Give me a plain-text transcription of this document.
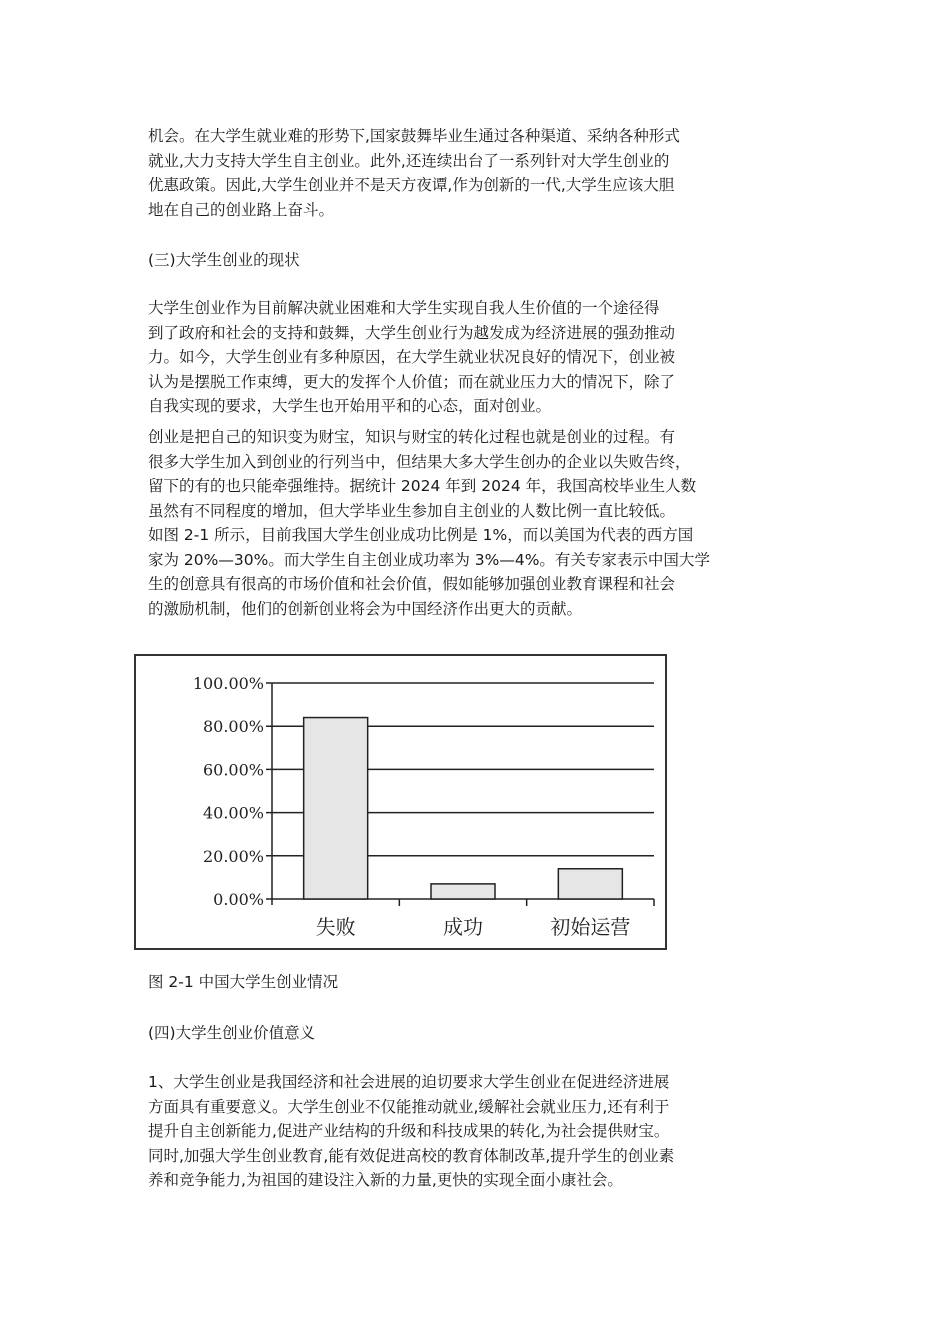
机会。在大学生就业难的形势下,国家鼓舞毕业生通过各种渠道、采纳各种形式
就业,大力支持大学生自主创业。此外,还连续出台了一系列针对大学生创业的
优惠政策。因此,大学生创业并不是天方夜谭,作为创新的一代,大学生应该大胆
地在自己的创业路上奋斗。
(三)大学生创业的现状
大学生创业作为目前解决就业困难和大学生实现自我人生价值的一个途径得
到了政府和社会的支持和鼓舞，大学生创业行为越发成为经济进展的强劲推动
力。如今，大学生创业有多种原因，在大学生就业状况良好的情况下，创业被
认为是摆脱工作束缚，更大的发挥个人价值；而在就业压力大的情况下，除了
自我实现的要求，大学生也开始用平和的心态，面对创业。
创业是把自己的知识变为财宝，知识与财宝的转化过程也就是创业的过程。有
很多大学生加入到创业的行列当中，但结果大多大学生创办的企业以失败告终，
留下的有的也只能牵强维持。据统计 2024 年到 2024 年，我国高校毕业生人数
虽然有不同程度的增加，但大学毕业生参加自主创业的人数比例一直比较低。
如图 2-1 所示，目前我国大学生创业成功比例是 1%，而以美国为代表的西方国
家为 20%—30%。而大学生自主创业成功率为 3%—4%。有关专家表示中国大学
生的创意具有很高的市场价值和社会价值，假如能够加强创业教育课程和社会
的激励机制，他们的创新创业将会为中国经济作出更大的贡献。
0.00%
20.00%
40.00%
60.00%
80.00%
100.00%
失败	成功	初始运营
图 2-1 中国大学生创业情况
(四)大学生创业价值意义
1、大学生创业是我国经济和社会进展的迫切要求大学生创业在促进经济进展
方面具有重要意义。大学生创业不仅能推动就业,缓解社会就业压力,还有利于
提升自主创新能力,促进产业结构的升级和科技成果的转化,为社会提供财宝。
同时,加强大学生创业教育,能有效促进高校的教育体制改革,提升学生的创业素
养和竞争能力,为祖国的建设注入新的力量,更快的实现全面小康社会。
